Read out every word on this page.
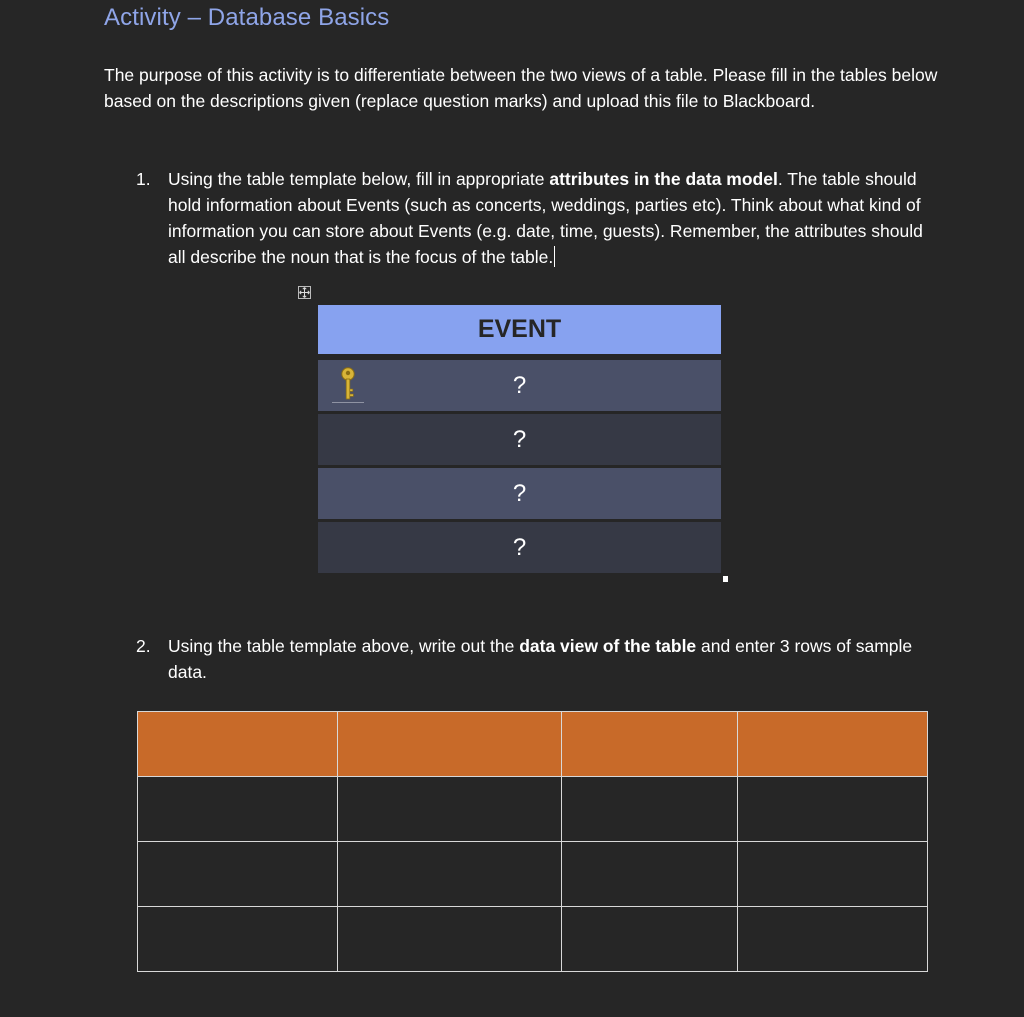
Activity – Database Basics
The purpose of this activity is to differentiate between the two views of a table. Please fill in the tables below based on the descriptions given (replace question marks) and upload this file to Blackboard.
1. Using the table template below, fill in appropriate attributes in the data model. The table should hold information about Events (such as concerts, weddings, parties etc). Think about what kind of information you can store about Events (e.g. date, time, guests). Remember, the attributes should all describe the noun that is the focus of the table.
EVENT
?
?
?
?
2. Using the table template above, write out the data view of the table and enter 3 rows of sample data.
